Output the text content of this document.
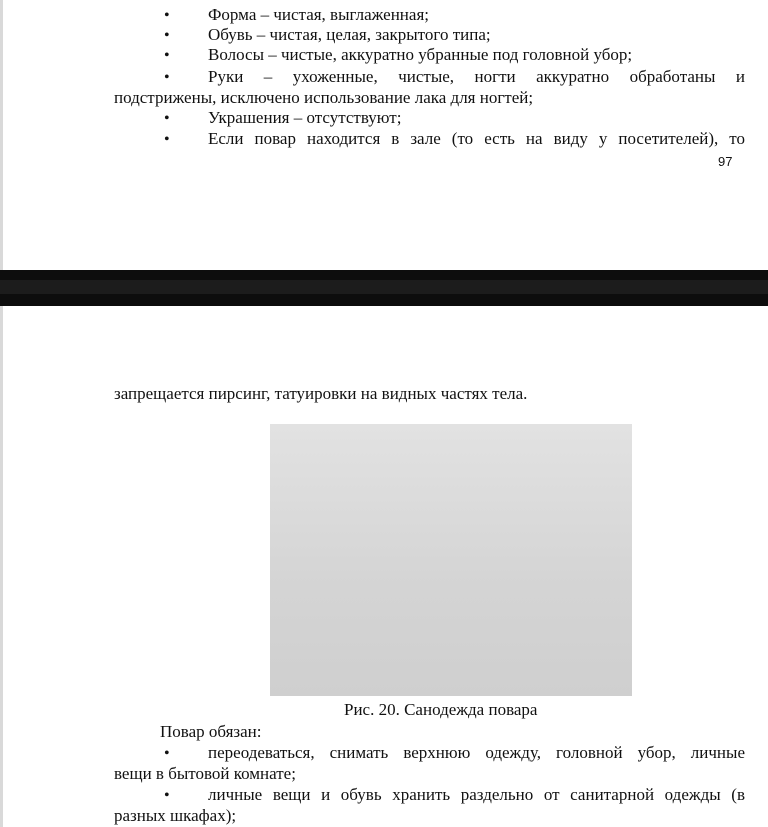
• Форма – чистая, выглаженная;
• Обувь – чистая, целая, закрытого типа;
• Волосы – чистые, аккуратно убранные под головной убор;
• Руки – ухоженные, чистые, ногти аккуратно обработаны и
подстрижены, исключено использование лака для ногтей;
• Украшения – отсутствуют;
• Если повар находится в зале (то есть на виду у посетителей), то
97
запрещается пирсинг, татуировки на видных частях тела.
Рис. 20. Санодежда повара
Повар обязан:
• переодеваться, снимать верхнюю одежду, головной убор, личные
вещи в бытовой комнате;
• личные вещи и обувь хранить раздельно от санитарной одежды (в
разных шкафах);
